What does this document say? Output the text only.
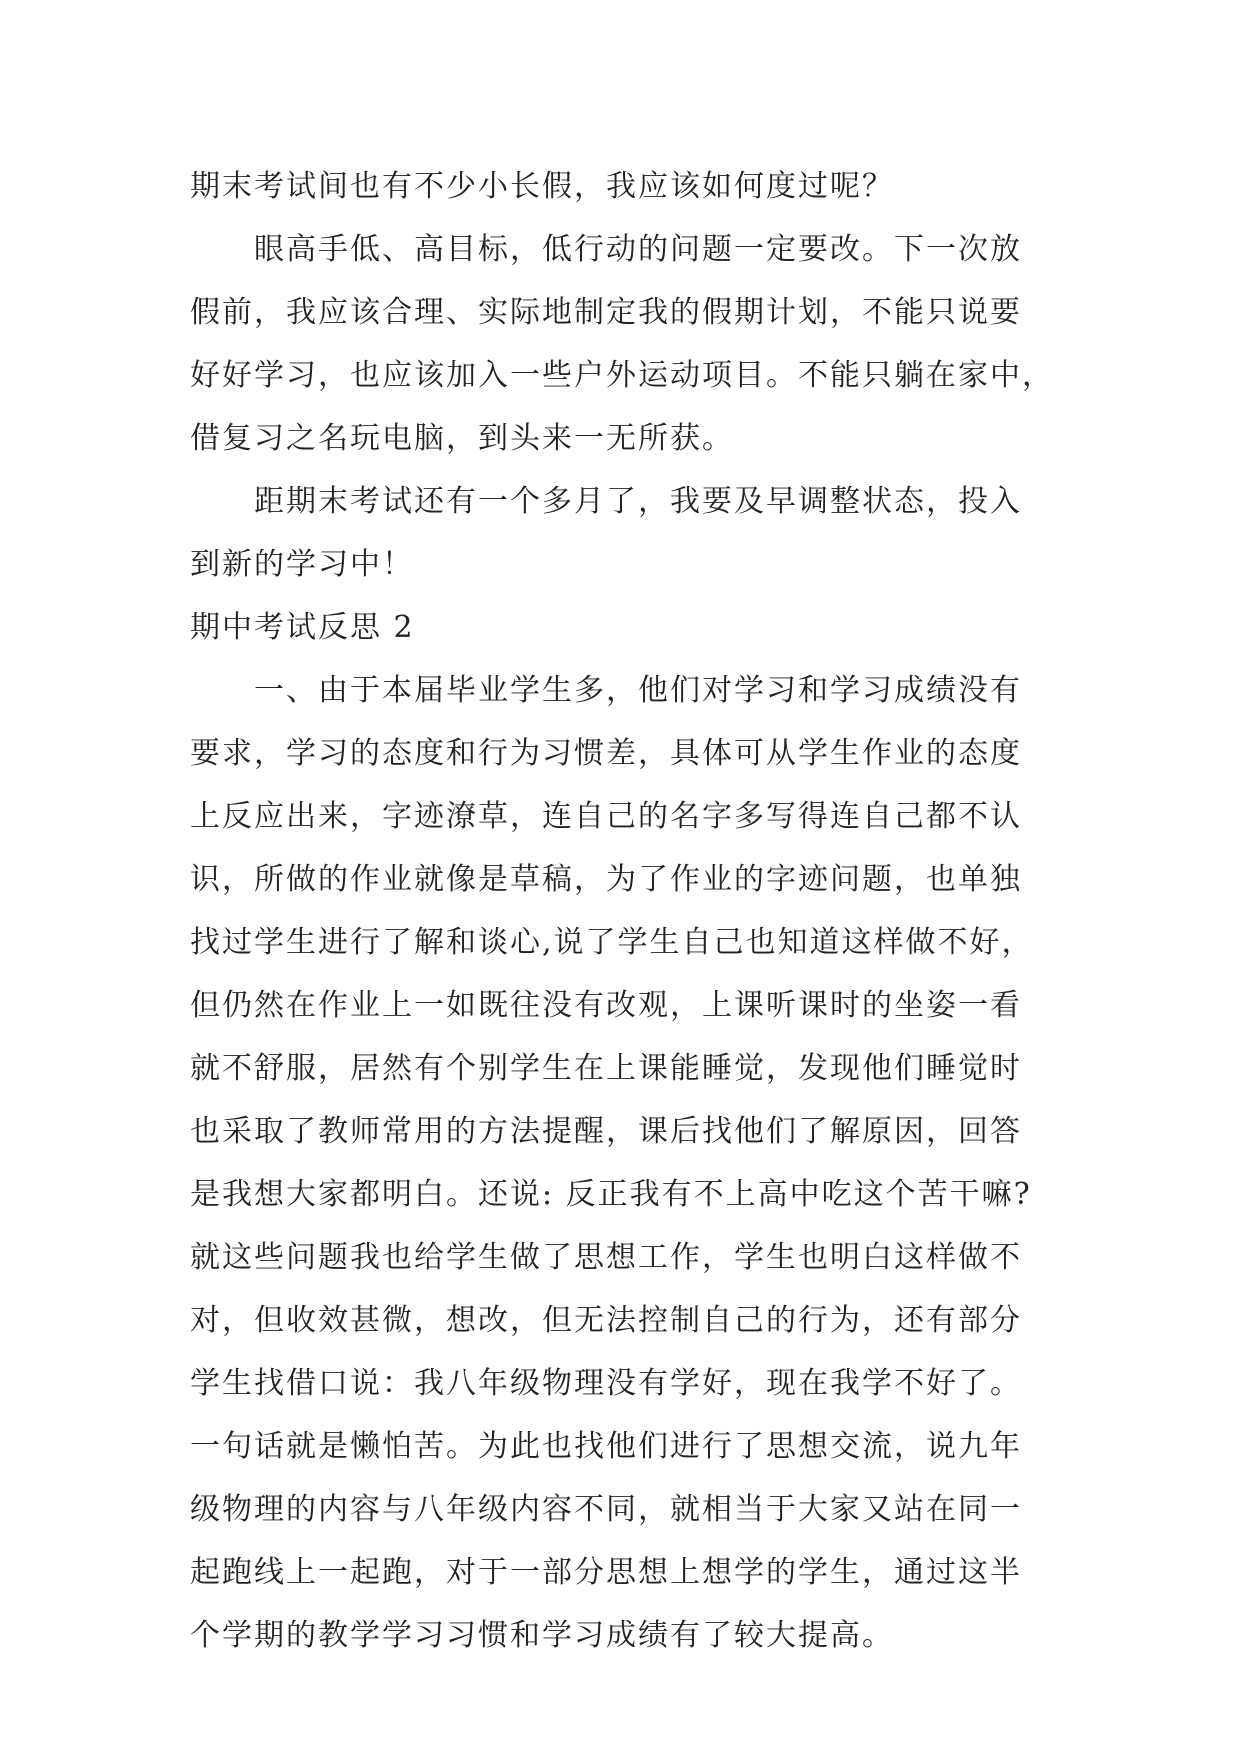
期末考试间也有不少小长假，我应该如何度过呢？
眼高手低、高目标，低行动的问题一定要改。下一次放
假前，我应该合理、实际地制定我的假期计划，不能只说要
好好学习，也应该加入一些户外运动项目。不能只躺在家中，
借复习之名玩电脑，到头来一无所获。
距期末考试还有一个多月了，我要及早调整状态，投入
到新的学习中！
期中考试反思 2
一、由于本届毕业学生多，他们对学习和学习成绩没有
要求，学习的态度和行为习惯差，具体可从学生作业的态度
上反应出来，字迹潦草，连自己的名字多写得连自己都不认
识，所做的作业就像是草稿，为了作业的字迹问题，也单独
找过学生进行了解和谈心,说了学生自己也知道这样做不好，
但仍然在作业上一如既往没有改观，上课听课时的坐姿一看
就不舒服，居然有个别学生在上课能睡觉，发现他们睡觉时
也采取了教师常用的方法提醒，课后找他们了解原因，回答
是我想大家都明白。还说: 反正我有不上高中吃这个苦干嘛?
就这些问题我也给学生做了思想工作，学生也明白这样做不
对，但收效甚微，想改，但无法控制自己的行为，还有部分
学生找借口说：我八年级物理没有学好，现在我学不好了。
一句话就是懒怕苦。为此也找他们进行了思想交流，说九年
级物理的内容与八年级内容不同，就相当于大家又站在同一
起跑线上一起跑，对于一部分思想上想学的学生，通过这半
个学期的教学学习习惯和学习成绩有了较大提高。
